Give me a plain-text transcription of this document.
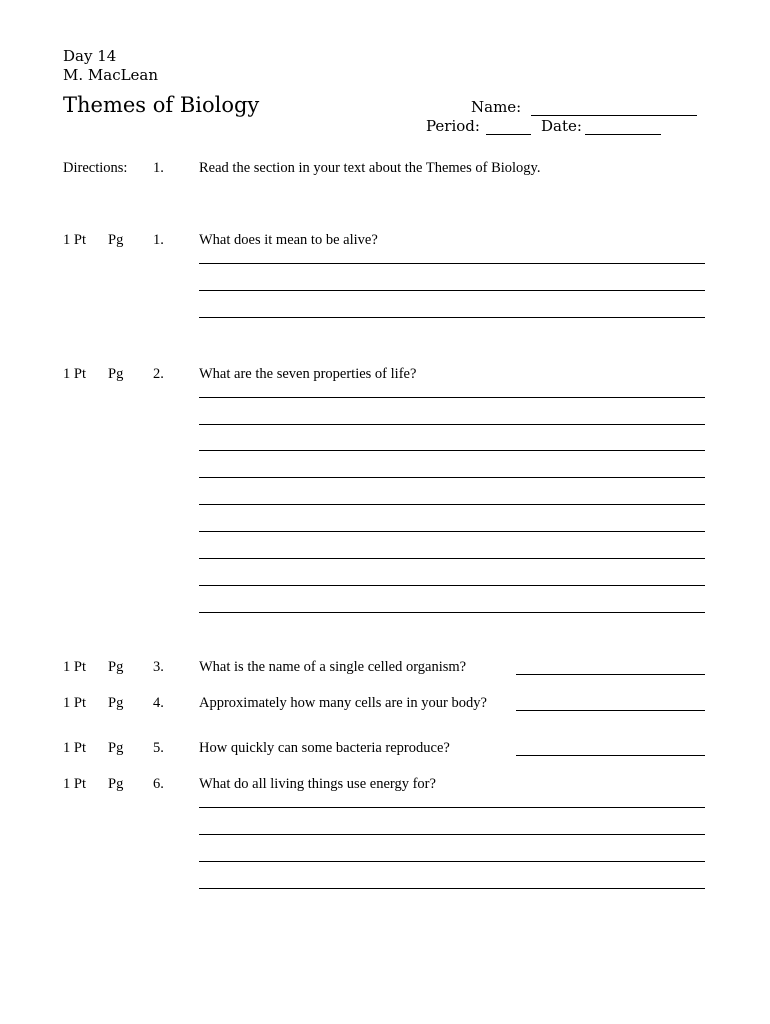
Day 14
M. MacLean
Themes of Biology	Name:
Period:	Date:
Directions: 1. Read the section in your text about the Themes of Biology.
1 Pt Pg 1. What does it mean to be alive?
1 Pt Pg 2. What are the seven properties of life?
1 Pt Pg 3. What is the name of a single celled organism?
1 Pt Pg 4. Approximately how many cells are in your body?
1 Pt Pg 5. How quickly can some bacteria reproduce?
1 Pt Pg 6. What do all living things use energy for?
